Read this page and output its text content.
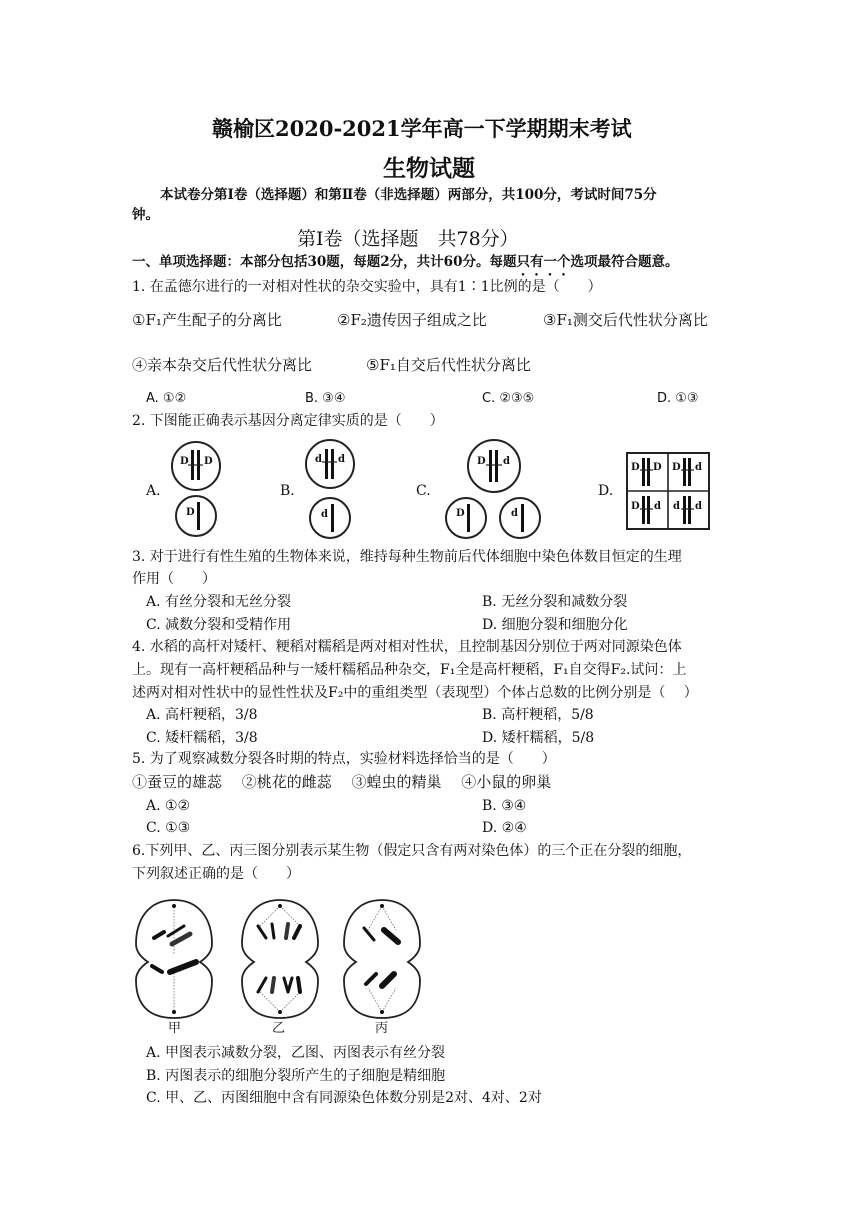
赣榆区2020-2021学年高一下学期期末考试
生物试题
本试卷分第Ⅰ卷（选择题）和第Ⅱ卷（非选择题）两部分，共100分，考试时间75分
钟。
第Ⅰ卷（选择题　共78分）
一、单项选择题：本部分包括30题，每题2分，共计60分。每题只有一个选项最符合题意。
1. 在孟德尔进行的一对相对性状的杂交实验中，具有1∶1比例的是（　　）
①F₁产生配子的分离比	②F₂遗传因子组成之比	③F₁测交后代性状分离比
④亲本杂交后代性状分离比	⑤F₁自交后代性状分离比
A. ①②	B. ③④	C. ②③⑤	D. ①③
2. 下图能正确表示基因分离定律实质的是（　　）
A.	B.	C.	D.
D D
D
d d
d
D d
D	d
D D D d
D d d d
3. 对于进行有性生殖的生物体来说，维持每种生物前后代体细胞中染色体数目恒定的生理
作用（　　）
A. 有丝分裂和无丝分裂	B. 无丝分裂和减数分裂
C. 减数分裂和受精作用	D. 细胞分裂和细胞分化
4. 水稻的高杆对矮杆、粳稻对糯稻是两对相对性状，且控制基因分别位于两对同源染色体
上。现有一高杆粳稻品种与一矮杆糯稻品种杂交，F₁全是高杆粳稻，F₁自交得F₂.试问：上
述两对相对性状中的显性性状及F₂中的重组类型（表现型）个体占总数的比例分别是（　 ）
A. 高杆粳稻，3/8	B. 高杆粳稻，5/8
C. 矮杆糯稻，3/8	D. 矮杆糯稻，5/8
5. 为了观察减数分裂各时期的特点，实验材料选择恰当的是（　　）
①蚕豆的雄蕊　 ②桃花的雌蕊　 ③蝗虫的精巢　 ④小鼠的卵巢
A. ①②	B. ③④
C. ①③	D. ②④
6.下列甲、乙、丙三图分别表示某生物（假定只含有两对染色体）的三个正在分裂的细胞，
下列叙述正确的是（　　）
甲	乙	丙
A. 甲图表示减数分裂，乙图、丙图表示有丝分裂
B. 丙图表示的细胞分裂所产生的子细胞是精细胞
C. 甲、乙、丙图细胞中含有同源染色体数分别是2对、4对、2对
